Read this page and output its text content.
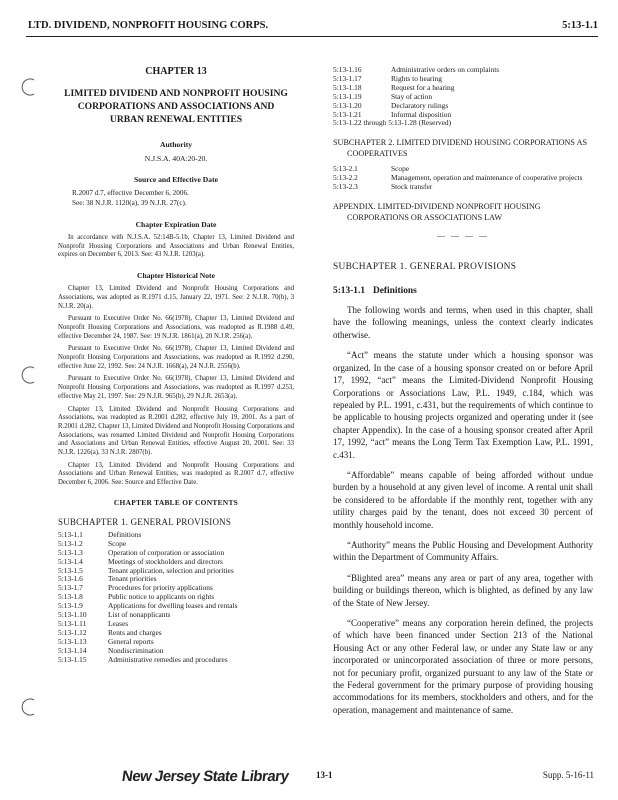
LTD. DIVIDEND, NONPROFIT HOUSING CORPS.	5:13-1.1
CHAPTER 13
LIMITED DIVIDEND AND NONPROFIT HOUSING
CORPORATIONS AND ASSOCIATIONS AND
URBAN RENEWAL ENTITIES
Authority
N.J.S.A. 40A:20-20.
Source and Effective Date
R.2007 d.7, effective December 6, 2006.
See: 38 N.J.R. 1120(a), 39 N.J.R. 27(c).
Chapter Expiration Date
In accordance with N.J.S.A. 52:14B-5.1b, Chapter 13, Limited Dividend and Nonprofit Housing Corporations and Associations and Urban Renewal Entities, expires on December 6, 2013. See: 43 N.J.R. 1203(a).
Chapter Historical Note
Chapter 13, Limited Dividend and Nonprofit Housing Corporations and Associations, was adopted as R.1971 d.15, January 22, 1971. See: 2 N.J.R. 70(b), 3 N.J.R. 20(a).
Pursuant to Executive Order No. 66(1978), Chapter 13, Limited Dividend and Nonprofit Housing Corporations and Associations, was readopted as R.1988 d.49, effective December 24, 1987. See: 19 N.J.R. 1861(a), 20 N.J.R. 256(a).
Pursuant to Executive Order No. 66(1978), Chapter 13, Limited Dividend and Nonprofit Housing Corporations and Associations, was readopted as R.1992 d.290, effective June 22, 1992. See: 24 N.J.R. 1668(a), 24 N.J.R. 2556(b).
Pursuant to Executive Order No. 66(1978), Chapter 13, Limited Dividend and Nonprofit Housing Corporations and Associations, was readopted as R.1997 d.253, effective May 21, 1997. See: 29 N.J.R. 965(b), 29 N.J.R. 2653(a).
Chapter 13, Limited Dividend and Nonprofit Housing Corporations and Associations, was readopted as R.2001 d.282, effective July 19, 2001. As a part of R.2001 d.282, Chapter 13, Limited Dividend and Nonprofit Housing Corporations and Associations, was renamed Limited Dividend and Nonprofit Housing Corporations and Associations and Urban Renewal Entities, effective August 20, 2001. See: 33 N.J.R. 1226(a), 33 N.J.R. 2807(b).
Chapter 13, Limited Dividend and Nonprofit Housing Corporations and Associations and Urban Renewal Entities, was readopted as R.2007 d.7, effective December 6, 2006. See: Source and Effective Date.
CHAPTER TABLE OF CONTENTS
SUBCHAPTER 1. GENERAL PROVISIONS
5:13-1.1	Definitions
5:13-1.2	Scope
5:13-1.3	Operation of corporation or association
5:13-1.4	Meetings of stockholders and directors
5:13-1.5	Tenant application, selection and priorities
5:13-1.6	Tenant priorities
5:13-1.7	Procedures for priority applications
5:13-1.8	Public notice to applicants on rights
5:13-1.9	Applications for dwelling leases and rentals
5:13-1.10	List of nonapplicants
5:13-1.11	Leases
5:13-1.12	Rents and charges
5:13-1.13	General reports
5:13-1.14	Nondiscrimination
5:13-1.15	Administrative remedies and procedures
5:13-1.16	Administrative orders on complaints
5:13-1.17	Rights to hearing
5:13-1.18	Request for a hearing
5:13-1.19	Stay of action
5:13-1.20	Declaratory rulings
5:13-1.21	Informal disposition
5:13-1.22 through 5:13-1.28 (Reserved)	
SUBCHAPTER 2. LIMITED DIVIDEND HOUSING CORPORATIONS AS COOPERATIVES
5:13-2.1	Scope
5:13-2.2	Management, operation and maintenance of cooperative projects
5:13-2.3	Stock transfer
APPENDIX. LIMITED-DIVIDEND NONPROFIT HOUSING CORPORATIONS OR ASSOCIATIONS LAW
— — — —
SUBCHAPTER 1. GENERAL PROVISIONS
5:13-1.1 Definitions
The following words and terms, when used in this chapter, shall have the following meanings, unless the context clearly indicates otherwise.
“Act” means the statute under which a housing sponsor was organized. In the case of a housing sponsor created on or before April 17, 1992, “act” means the Limited-Dividend Nonprofit Housing Corporations or Associations Law, P.L. 1949, c.184, which was repealed by P.L. 1991, c.431, but the requirements of which continue to be applicable to housing projects organized and operating under it (see chapter Appendix). In the case of a housing sponsor created after April 17, 1992, “act” means the Long Term Tax Exemption Law, P.L. 1991, c.431.
“Affordable” means capable of being afforded without undue burden by a household at any given level of income. A rental unit shall be considered to be affordable if the monthly rent, together with any utility charges paid by the tenant, does not exceed 30 percent of monthly household income.
“Authority” means the Public Housing and Development Authority within the Department of Community Affairs.
“Blighted area” means any area or part of any area, together with building or buildings thereon, which is blighted, as defined by any law of the State of New Jersey.
“Cooperative” means any corporation herein defined, the projects of which have been financed under Section 213 of the National Housing Act or any other Federal law, or under any State law or any incorporated or unincorporated association of three or more persons, not for pecuniary profit, organized pursuant to any law of the State or the Federal government for the primary purpose of providing housing accommodations for its members, stockholders and others, and for the operation, management and maintenance of same.
New Jersey State Library	13-1	Supp. 5-16-11
